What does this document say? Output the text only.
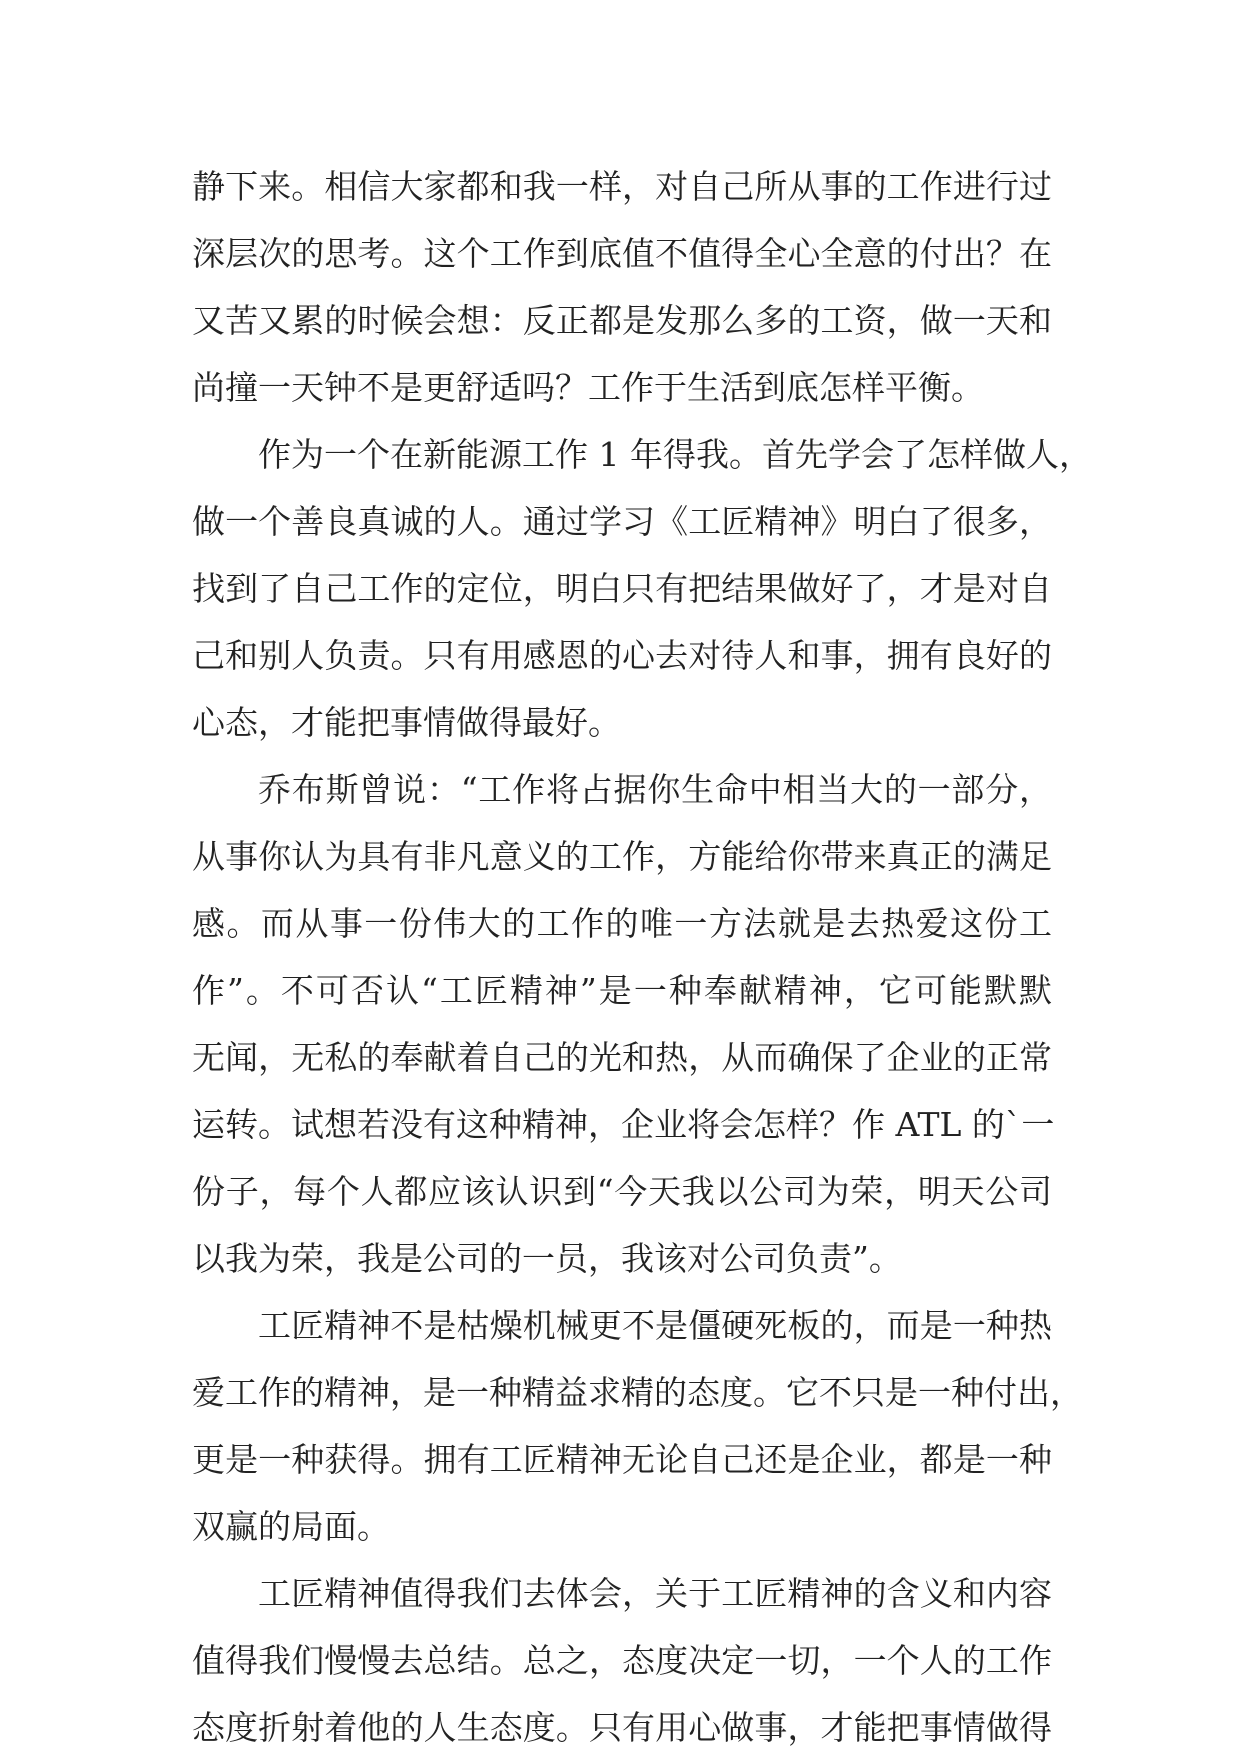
静下来。相信大家都和我一样，对自己所从事的工作进行过
深层次的思考。这个工作到底值不值得全心全意的付出？在
又苦又累的时候会想：反正都是发那么多的工资，做一天和
尚撞一天钟不是更舒适吗？工作于生活到底怎样平衡。
作为一个在新能源工作 1 年得我。首先学会了怎样做人，
做一个善良真诚的人。通过学习《工匠精神》明白了很多，
找到了自己工作的定位，明白只有把结果做好了，才是对自
己和别人负责。只有用感恩的心去对待人和事，拥有良好的
心态，才能把事情做得最好。
乔布斯曾说：“工作将占据你生命中相当大的一部分，
从事你认为具有非凡意义的工作，方能给你带来真正的满足
感。而从事一份伟大的工作的唯一方法就是去热爱这份工
作”。不可否认“工匠精神”是一种奉献精神，它可能默默
无闻，无私的奉献着自己的光和热，从而确保了企业的正常
运转。试想若没有这种精神，企业将会怎样？作 ATL 的`一
份子，每个人都应该认识到“今天我以公司为荣，明天公司
以我为荣，我是公司的一员，我该对公司负责”。
工匠精神不是枯燥机械更不是僵硬死板的，而是一种热
爱工作的精神，是一种精益求精的态度。它不只是一种付出，
更是一种获得。拥有工匠精神无论自己还是企业，都是一种
双赢的局面。
工匠精神值得我们去体会，关于工匠精神的含义和内容
值得我们慢慢去总结。总之，态度决定一切，一个人的工作
态度折射着他的人生态度。只有用心做事，才能把事情做得
